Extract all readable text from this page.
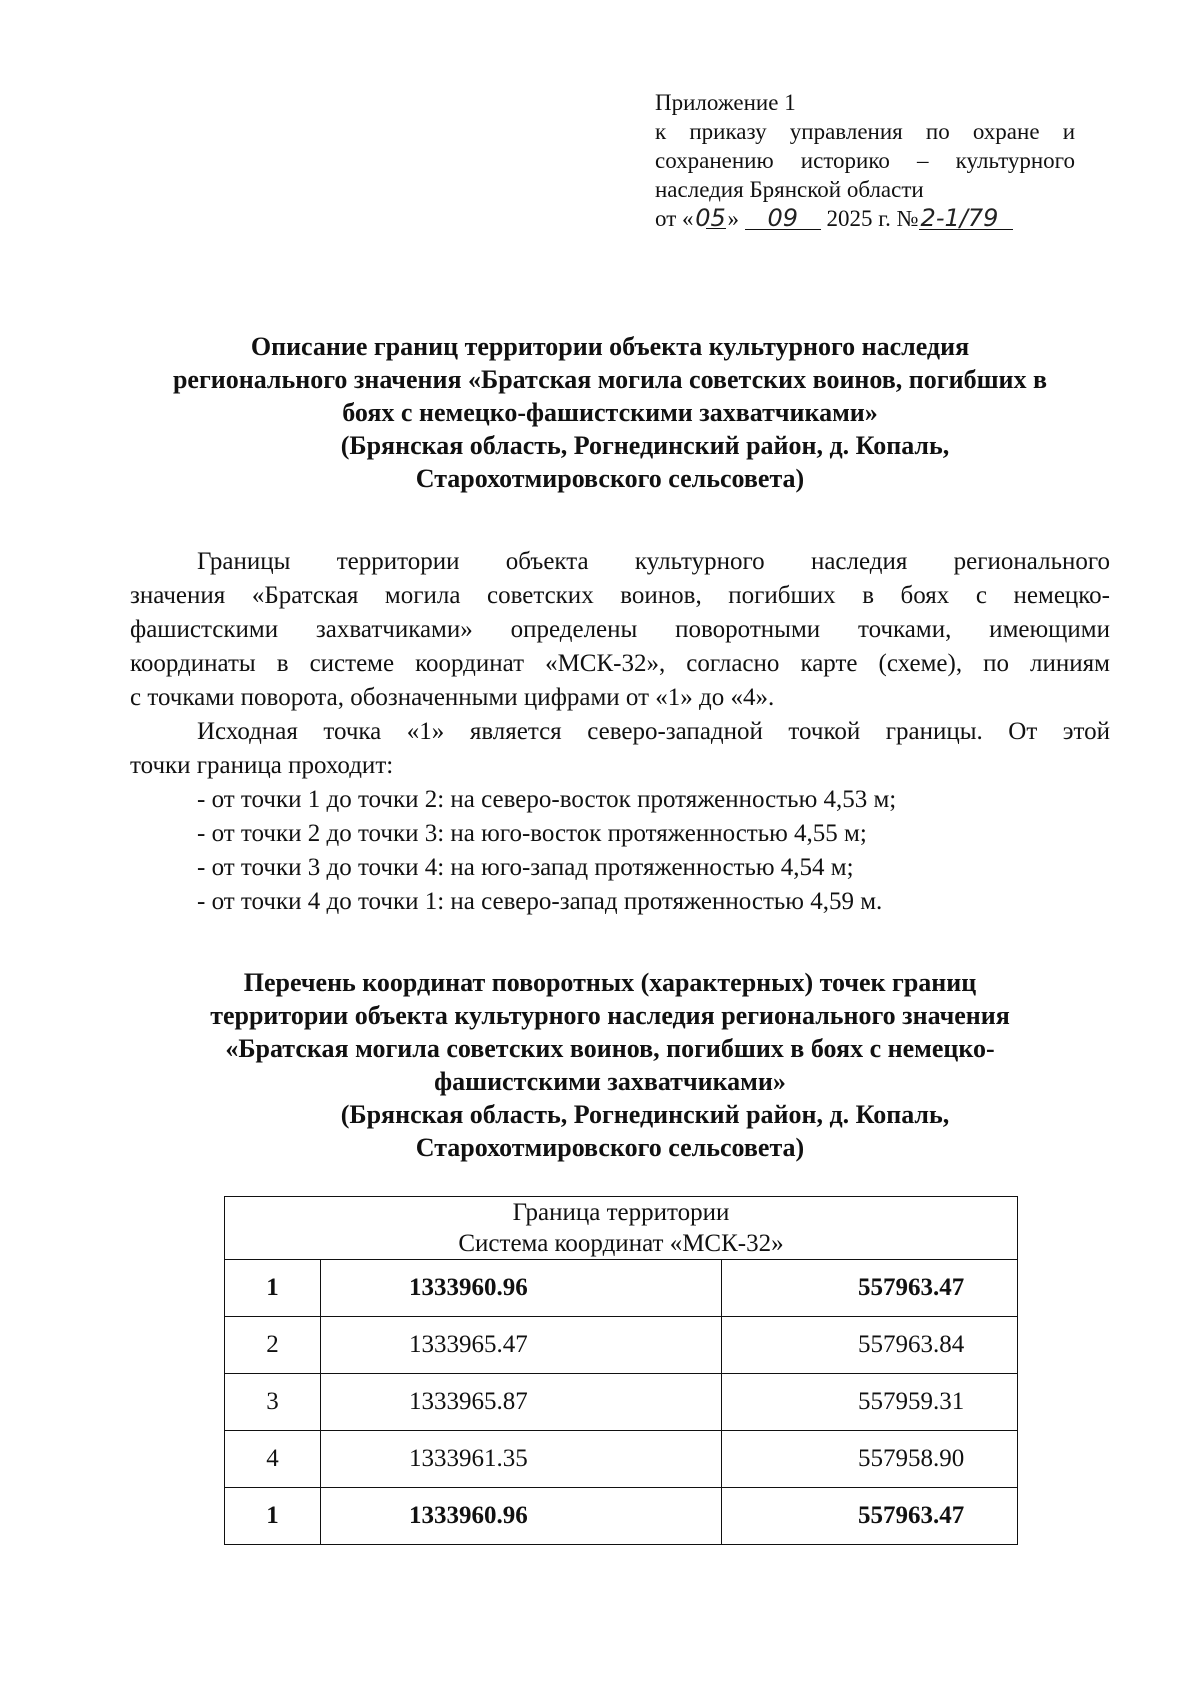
Приложение 1
к приказу управления по охране и
сохранению историко – культурного
наследия Брянской области
от «05» 09 2025 г. №2-1/79
Описание границ территории объекта культурного наследия
регионального значения «Братская могила советских воинов, погибших в
боях с немецко-фашистскими захватчиками»
(Брянская область, Рогнединский район, д. Копаль,
Старохотмировского сельсовета)
Границы территории объекта культурного наследия регионального
значения «Братская могила советских воинов, погибших в боях с немецко-
фашистскими захватчиками» определены поворотными точками, имеющими
координаты в системе координат «МСК-32», согласно карте (схеме), по линиям
с точками поворота, обозначенными цифрами от «1» до «4».
Исходная точка «1» является северо-западной точкой границы. От этой
точки граница проходит:
- от точки 1 до точки 2: на северо-восток протяженностью 4,53 м;
- от точки 2 до точки 3: на юго-восток протяженностью 4,55 м;
- от точки 3 до точки 4: на юго-запад протяженностью 4,54 м;
- от точки 4 до точки 1: на северо-запад протяженностью 4,59 м.
Перечень координат поворотных (характерных) точек границ
территории объекта культурного наследия регионального значения
«Братская могила советских воинов, погибших в боях с немецко-
фашистскими захватчиками»
(Брянская область, Рогнединский район, д. Копаль,
Старохотмировского сельсовета)
Граница территории
Система координат «МСК-32»		
1	1333960.96	557963.47
2	1333965.47	557963.84
3	1333965.87	557959.31
4	1333961.35	557958.90
1	1333960.96	557963.47
